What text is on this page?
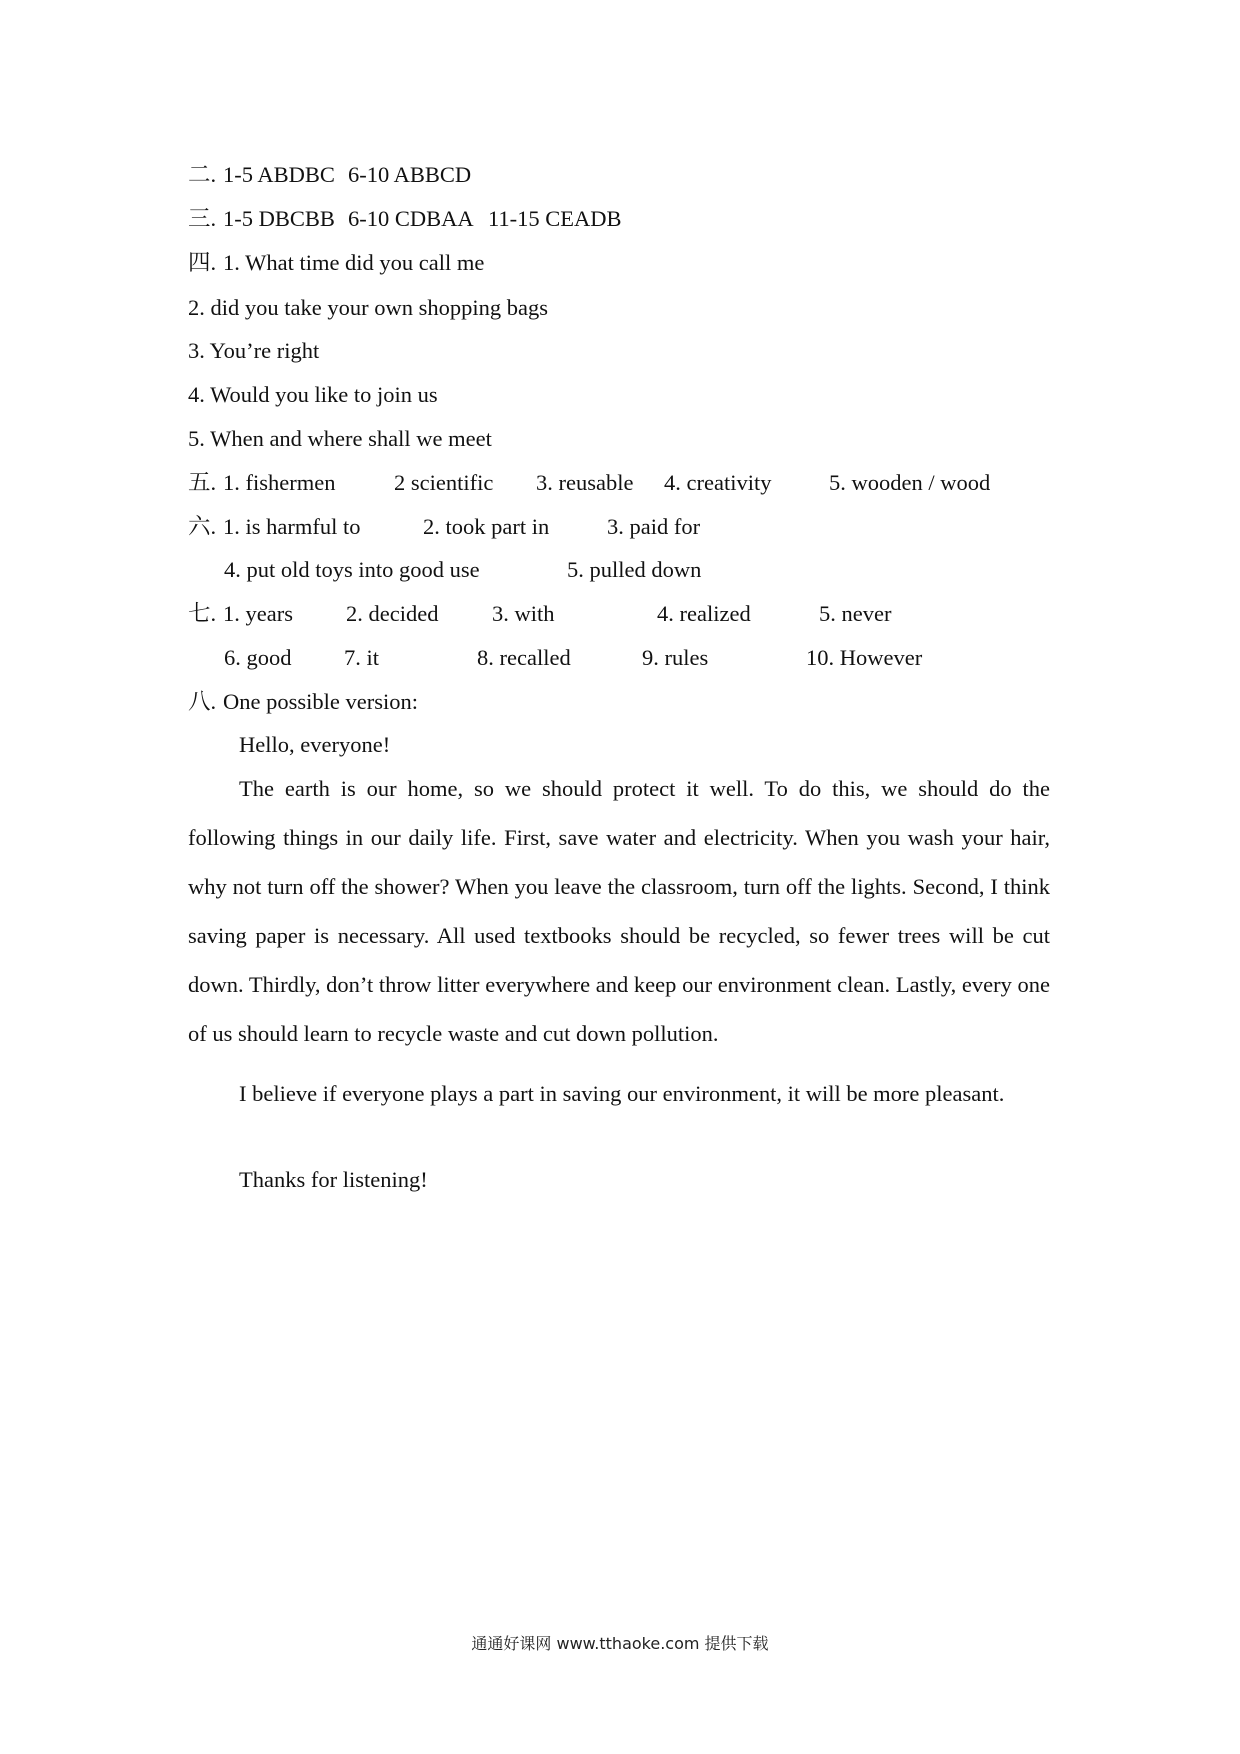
二. 1-5 ABDBC 6-10 ABBCD
三. 1-5 DBCBB 6-10 CDBAA 11-15 CEADB
四. 1. What time did you call me
2. did you take your own shopping bags
3. You’re right
4. Would you like to join us
5. When and where shall we meet
五. 1. fishermen	2 scientific 3. reusable 4. creativity	5. wooden / wood
六. 1. is harmful to	2. took part in	3. paid for
4. put old toys into good use	5. pulled down
七. 1. years 2. decided 3. with	4. realized	5. never
6. good 7. it	8. recalled	9. rules	10. However
八. One possible version:
Hello, everyone!

The earth is our home, so we should protect it well. To do this, we should do the following things in our daily life. First, save water and electricity. When you wash your hair, why not turn off the shower? When you leave the classroom, turn off the lights. Second, I think saving paper is necessary. All used textbooks should be recycled, so fewer trees will be cut down. Thirdly, don’t throw litter everywhere and keep our environment clean. Lastly, every one of us should learn to recycle waste and cut down pollution.

I believe if everyone plays a part in saving our environment, it will be more pleasant.

Thanks for listening!
通通好课网 www.tthaoke.com 提供下载
